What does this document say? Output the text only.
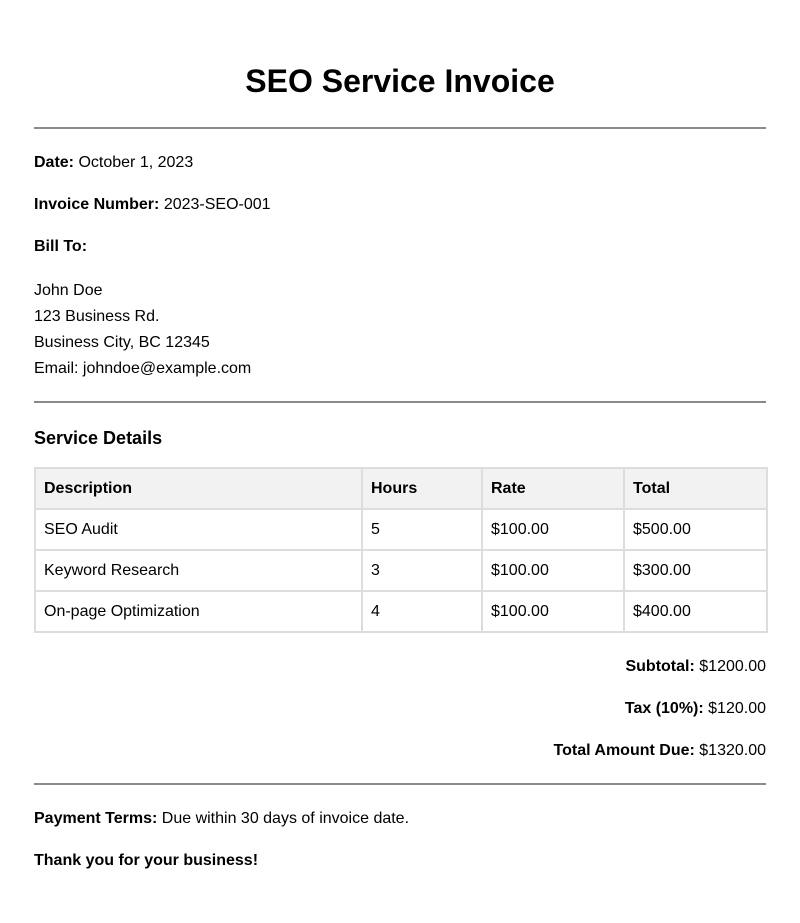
SEO Service Invoice

Date: October 1, 2023

Invoice Number: 2023-SEO-001

Bill To:

John Doe
123 Business Rd.
Business City, BC 12345
Email: johndoe@example.com
Service Details
Description	Hours	Rate	Total
SEO Audit	5	$100.00	$500.00
Keyword Research	3	$100.00	$300.00
On-page Optimization	4	$100.00	$400.00
Subtotal: $1200.00
Tax (10%): $120.00
Total Amount Due: $1320.00

Payment Terms: Due within 30 days of invoice date.

Thank you for your business!
